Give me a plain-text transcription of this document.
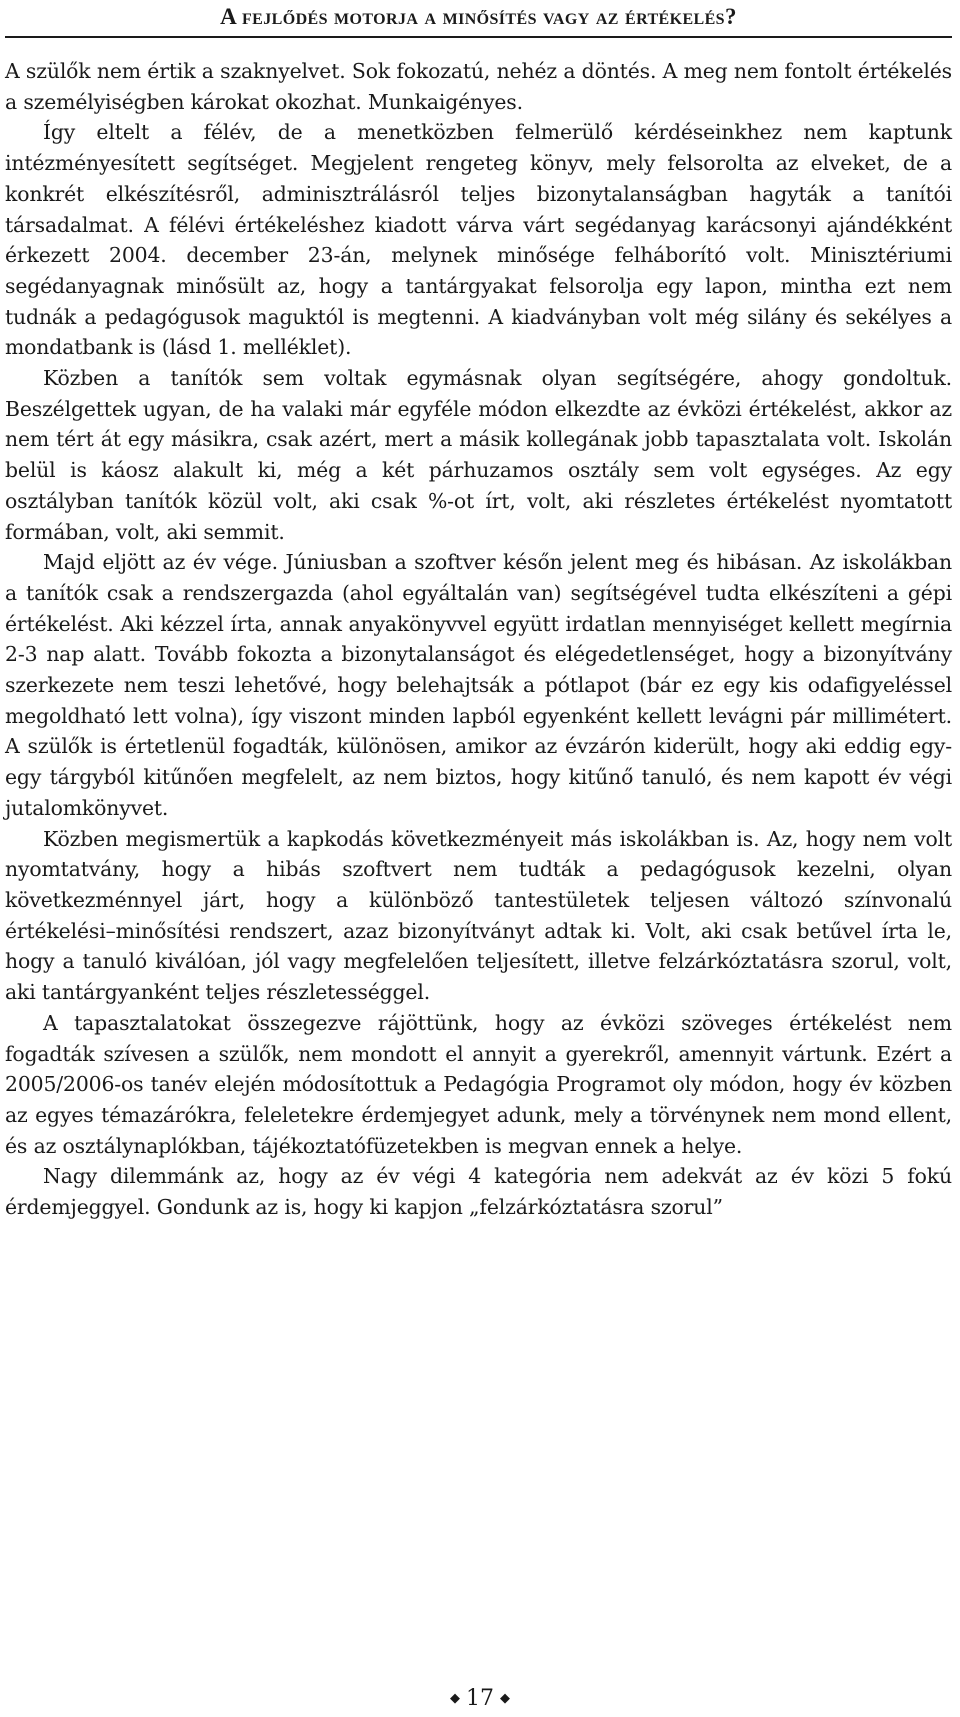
A fejlődés motorja a minősítés vagy az értékelés?

A szülők nem értik a szaknyelvet. Sok fokozatú, nehéz a döntés. A meg nem fontolt értékelés a személyiségben károkat okozhat. Munkaigényes.

Így eltelt a félév, de a menetközben felmerülő kérdéseinkhez nem kaptunk intézményesített segítséget. Megjelent rengeteg könyv, mely felsorolta az elveket, de a konkrét elkészítésről, adminisztrálásról teljes bizonytalanságban hagyták a tanítói társadalmat. A félévi értékeléshez kiadott várva várt segédanyag karácsonyi ajándékként érkezett 2004. december 23-án, melynek minősége felháborító volt. Minisztériumi segédanyagnak minősült az, hogy a tantárgyakat felsorolja egy lapon, mintha ezt nem tudnák a pedagógusok maguktól is megtenni. A kiadványban volt még silány és sekélyes a mondatbank is (lásd 1. melléklet).

Közben a tanítók sem voltak egymásnak olyan segítségére, ahogy gondoltuk. Beszélgettek ugyan, de ha valaki már egyféle módon elkezdte az évközi értékelést, akkor az nem tért át egy másikra, csak azért, mert a másik kollegának jobb tapasztalata volt. Iskolán belül is káosz alakult ki, még a két párhuzamos osztály sem volt egységes. Az egy osztályban tanítók közül volt, aki csak %-ot írt, volt, aki részletes értékelést nyomtatott formában, volt, aki semmit.

Majd eljött az év vége. Júniusban a szoftver későn jelent meg és hibásan. Az iskolákban a tanítók csak a rendszergazda (ahol egyáltalán van) segítségével tudta elkészíteni a gépi értékelést. Aki kézzel írta, annak anyakönyvvel együtt irdatlan mennyiséget kellett megírnia 2-3 nap alatt. Tovább fokozta a bizonytalanságot és elégedetlenséget, hogy a bizonyítvány szerkezete nem teszi lehetővé, hogy belehajtsák a pótlapot (bár ez egy kis odafigyeléssel megoldható lett volna), így viszont minden lapból egyenként kellett levágni pár millimétert. A szülők is értetlenül fogadták, különösen, amikor az évzárón kiderült, hogy aki eddig egy-egy tárgyból kitűnően megfelelt, az nem biztos, hogy kitűnő tanuló, és nem kapott év végi jutalomkönyvet.

Közben megismertük a kapkodás következményeit más iskolákban is. Az, hogy nem volt nyomtatvány, hogy a hibás szoftvert nem tudták a pedagógusok kezelni, olyan következménnyel járt, hogy a különböző tantestületek teljesen változó színvonalú értékelési–minősítési rendszert, azaz bizonyítványt adtak ki. Volt, aki csak betűvel írta le, hogy a tanuló kiválóan, jól vagy megfelelően teljesített, illetve felzárkóztatásra szorul, volt, aki tantárgyanként teljes részletességgel.

A tapasztalatokat összegezve rájöttünk, hogy az évközi szöveges értékelést nem fogadták szívesen a szülők, nem mondott el annyit a gyerekről, amennyit vártunk. Ezért a 2005/2006-os tanév elején módosítottuk a Pedagógia Programot oly módon, hogy év közben az egyes témazárókra, feleletekre érdemjegyet adunk, mely a törvénynek nem mond ellent, és az osztálynaplókban, tájékoztatófüzetekben is megvan ennek a helye.

Nagy dilemmánk az, hogy az év végi 4 kategória nem adekvát az év közi 5 fokú érdemjeggyel. Gondunk az is, hogy ki kapjon „felzárkóztatásra szorul”

◆ 17 ◆
